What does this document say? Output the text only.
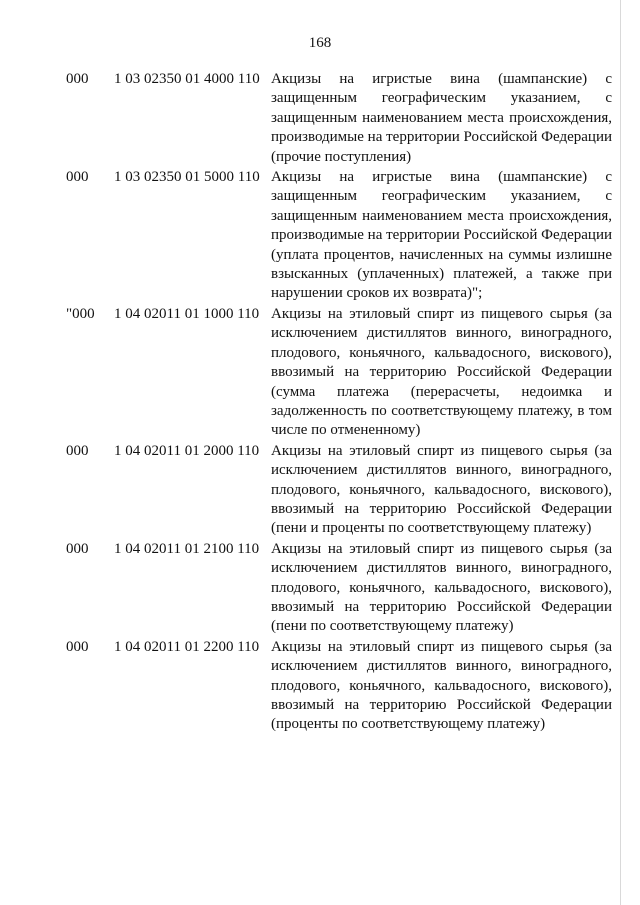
168
000	1 03 02350 01 4000 110 Акцизы на игристые вина (шампанские) с защищенным географическим указанием, с защищенным наименованием места происхождения, производимые на территории Российской Федерации (прочие поступления)
000	1 03 02350 01 5000 110 Акцизы на игристые вина (шампанские) с защищенным географическим указанием, с защищенным наименованием места происхождения, производимые на территории Российской Федерации (уплата процентов, начисленных на суммы излишне взысканных (уплаченных) платежей, а также при нарушении сроков их возврата)";
"000	1 04 02011 01 1000 110 Акцизы на этиловый спирт из пищевого сырья (за исключением дистиллятов винного, виноградного, плодового, коньячного, кальвадосного, вискового), ввозимый на территорию Российской Федерации (сумма платежа (перерасчеты, недоимка и задолженность по соответствующему платежу, в том числе по отмененному)
000	1 04 02011 01 2000 110 Акцизы на этиловый спирт из пищевого сырья (за исключением дистиллятов винного, виноградного, плодового, коньячного, кальвадосного, вискового), ввозимый на территорию Российской Федерации (пени и проценты по соответствующему платежу)
000	1 04 02011 01 2100 110 Акцизы на этиловый спирт из пищевого сырья (за исключением дистиллятов винного, виноградного, плодового, коньячного, кальвадосного, вискового), ввозимый на территорию Российской Федерации (пени по соответствующему платежу)
000	1 04 02011 01 2200 110 Акцизы на этиловый спирт из пищевого сырья (за исключением дистиллятов винного, виноградного, плодового, коньячного, кальвадосного, вискового), ввозимый на территорию Российской Федерации (проценты по соответствующему платежу)
